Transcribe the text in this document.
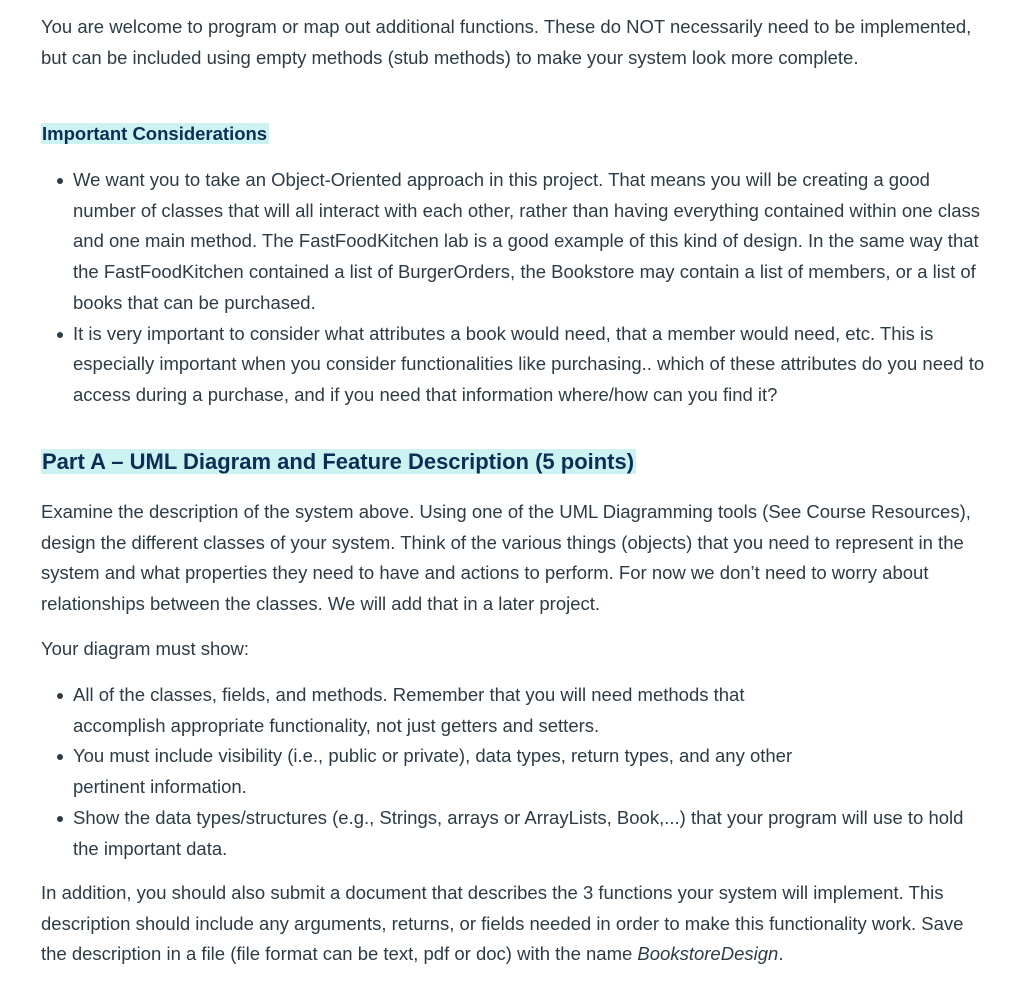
You are welcome to program or map out additional functions. These do NOT necessarily need to be implemented, but can be included using empty methods (stub methods) to make your system look more complete.

Important Considerations
We want you to take an Object-Oriented approach in this project. That means you will be creating a good number of classes that will all interact with each other, rather than having everything contained within one class and one main method. The FastFoodKitchen lab is a good example of this kind of design. In the same way that the FastFoodKitchen contained a list of BurgerOrders, the Bookstore may contain a list of members, or a list of books that can be purchased.
It is very important to consider what attributes a book would need, that a member would need, etc. This is especially important when you consider functionalities like purchasing.. which of these attributes do you need to access during a purchase, and if you need that information where/how can you find it?
Part A – UML Diagram and Feature Description (5 points)

Examine the description of the system above. Using one of the UML Diagramming tools (See Course Resources), design the different classes of your system. Think of the various things (objects) that you need to represent in the system and what properties they need to have and actions to perform. For now we don’t need to worry about relationships between the classes. We will add that in a later project.

Your diagram must show:

All of the classes, fields, and methods. Remember that you will need methods that accomplish appropriate functionality, not just getters and setters.
You must include visibility (i.e., public or private), data types, return types, and any other pertinent information.
Show the data types/structures (e.g., Strings, arrays or ArrayLists, Book,...) that your program will use to hold the important data.

In addition, you should also submit a document that describes the 3 functions your system will implement. This description should include any arguments, returns, or fields needed in order to make this functionality work. Save the description in a file (file format can be text, pdf or doc) with the name BookstoreDesign.
